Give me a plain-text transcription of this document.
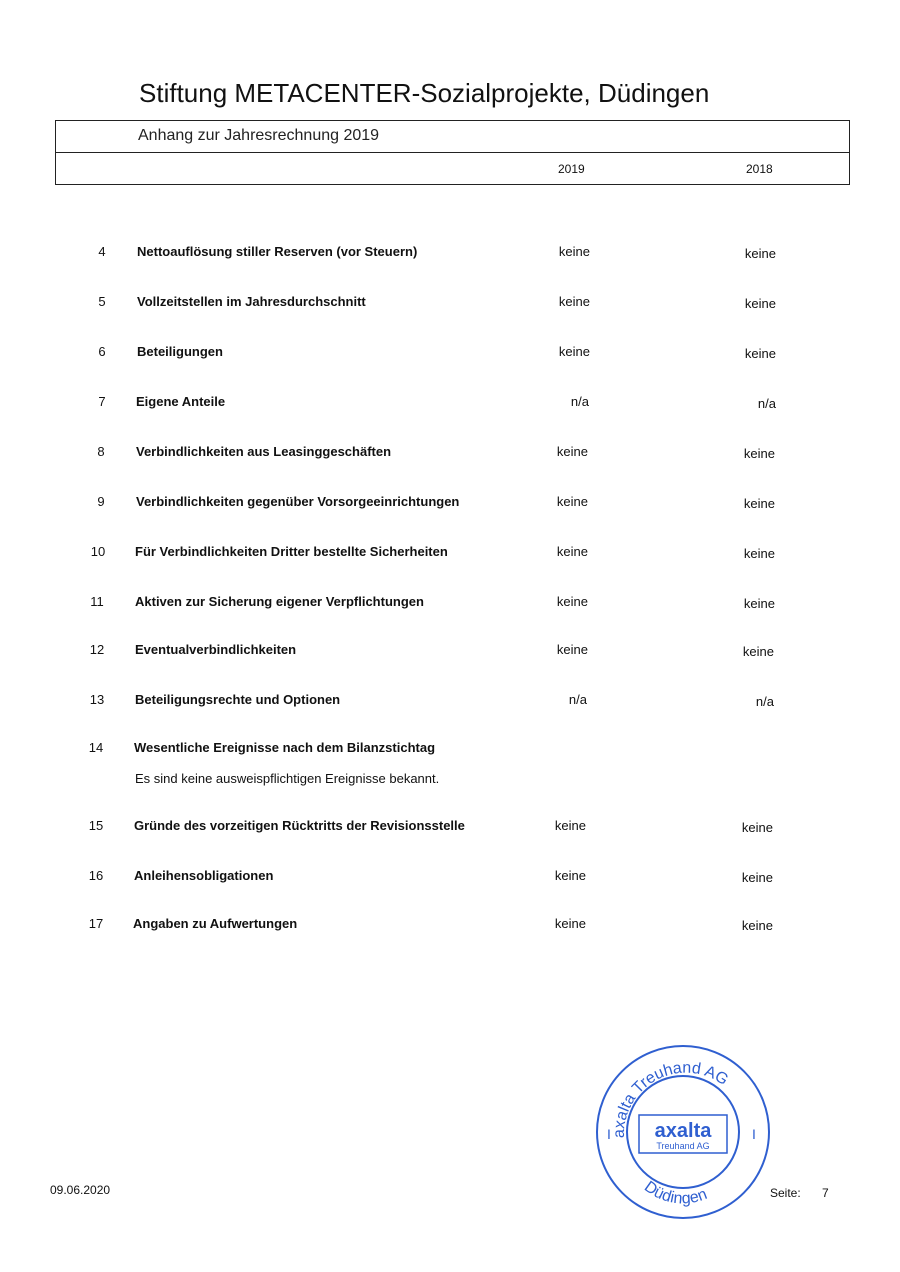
Stiftung METACENTER-Sozialprojekte, Düdingen
Anhang zur Jahresrechnung 2019
2019	2018
4	Nettoauflösung stiller Reserven (vor Steuern)	keine	keine
5	Vollzeitstellen im Jahresdurchschnitt	keine	keine
6	Beteiligungen	keine	keine
7	Eigene Anteile	n/a	n/a
8	Verbindlichkeiten aus Leasinggeschäften	keine	keine
9	Verbindlichkeiten gegenüber Vorsorgeeinrichtungen	keine	keine
10	Für Verbindlichkeiten Dritter bestellte Sicherheiten	keine	keine
11	Aktiven zur Sicherung eigener Verpflichtungen	keine	keine
12	Eventualverbindlichkeiten	keine	keine
13	Beteiligungsrechte und Optionen	n/a	n/a
14	Wesentliche Ereignisse nach dem Bilanzstichtag
15	Gründe des vorzeitigen Rücktritts der Revisionsstelle	keine	keine
16	Anleihensobligationen	keine	keine
17	Angaben zu Aufwertungen	keine	keine
Es sind keine ausweispflichtigen Ereignisse bekannt.
09.06.2020	Seite: 7
axalta Treuhand AG
Düdingen
I	I
axalta
Treuhand AG
